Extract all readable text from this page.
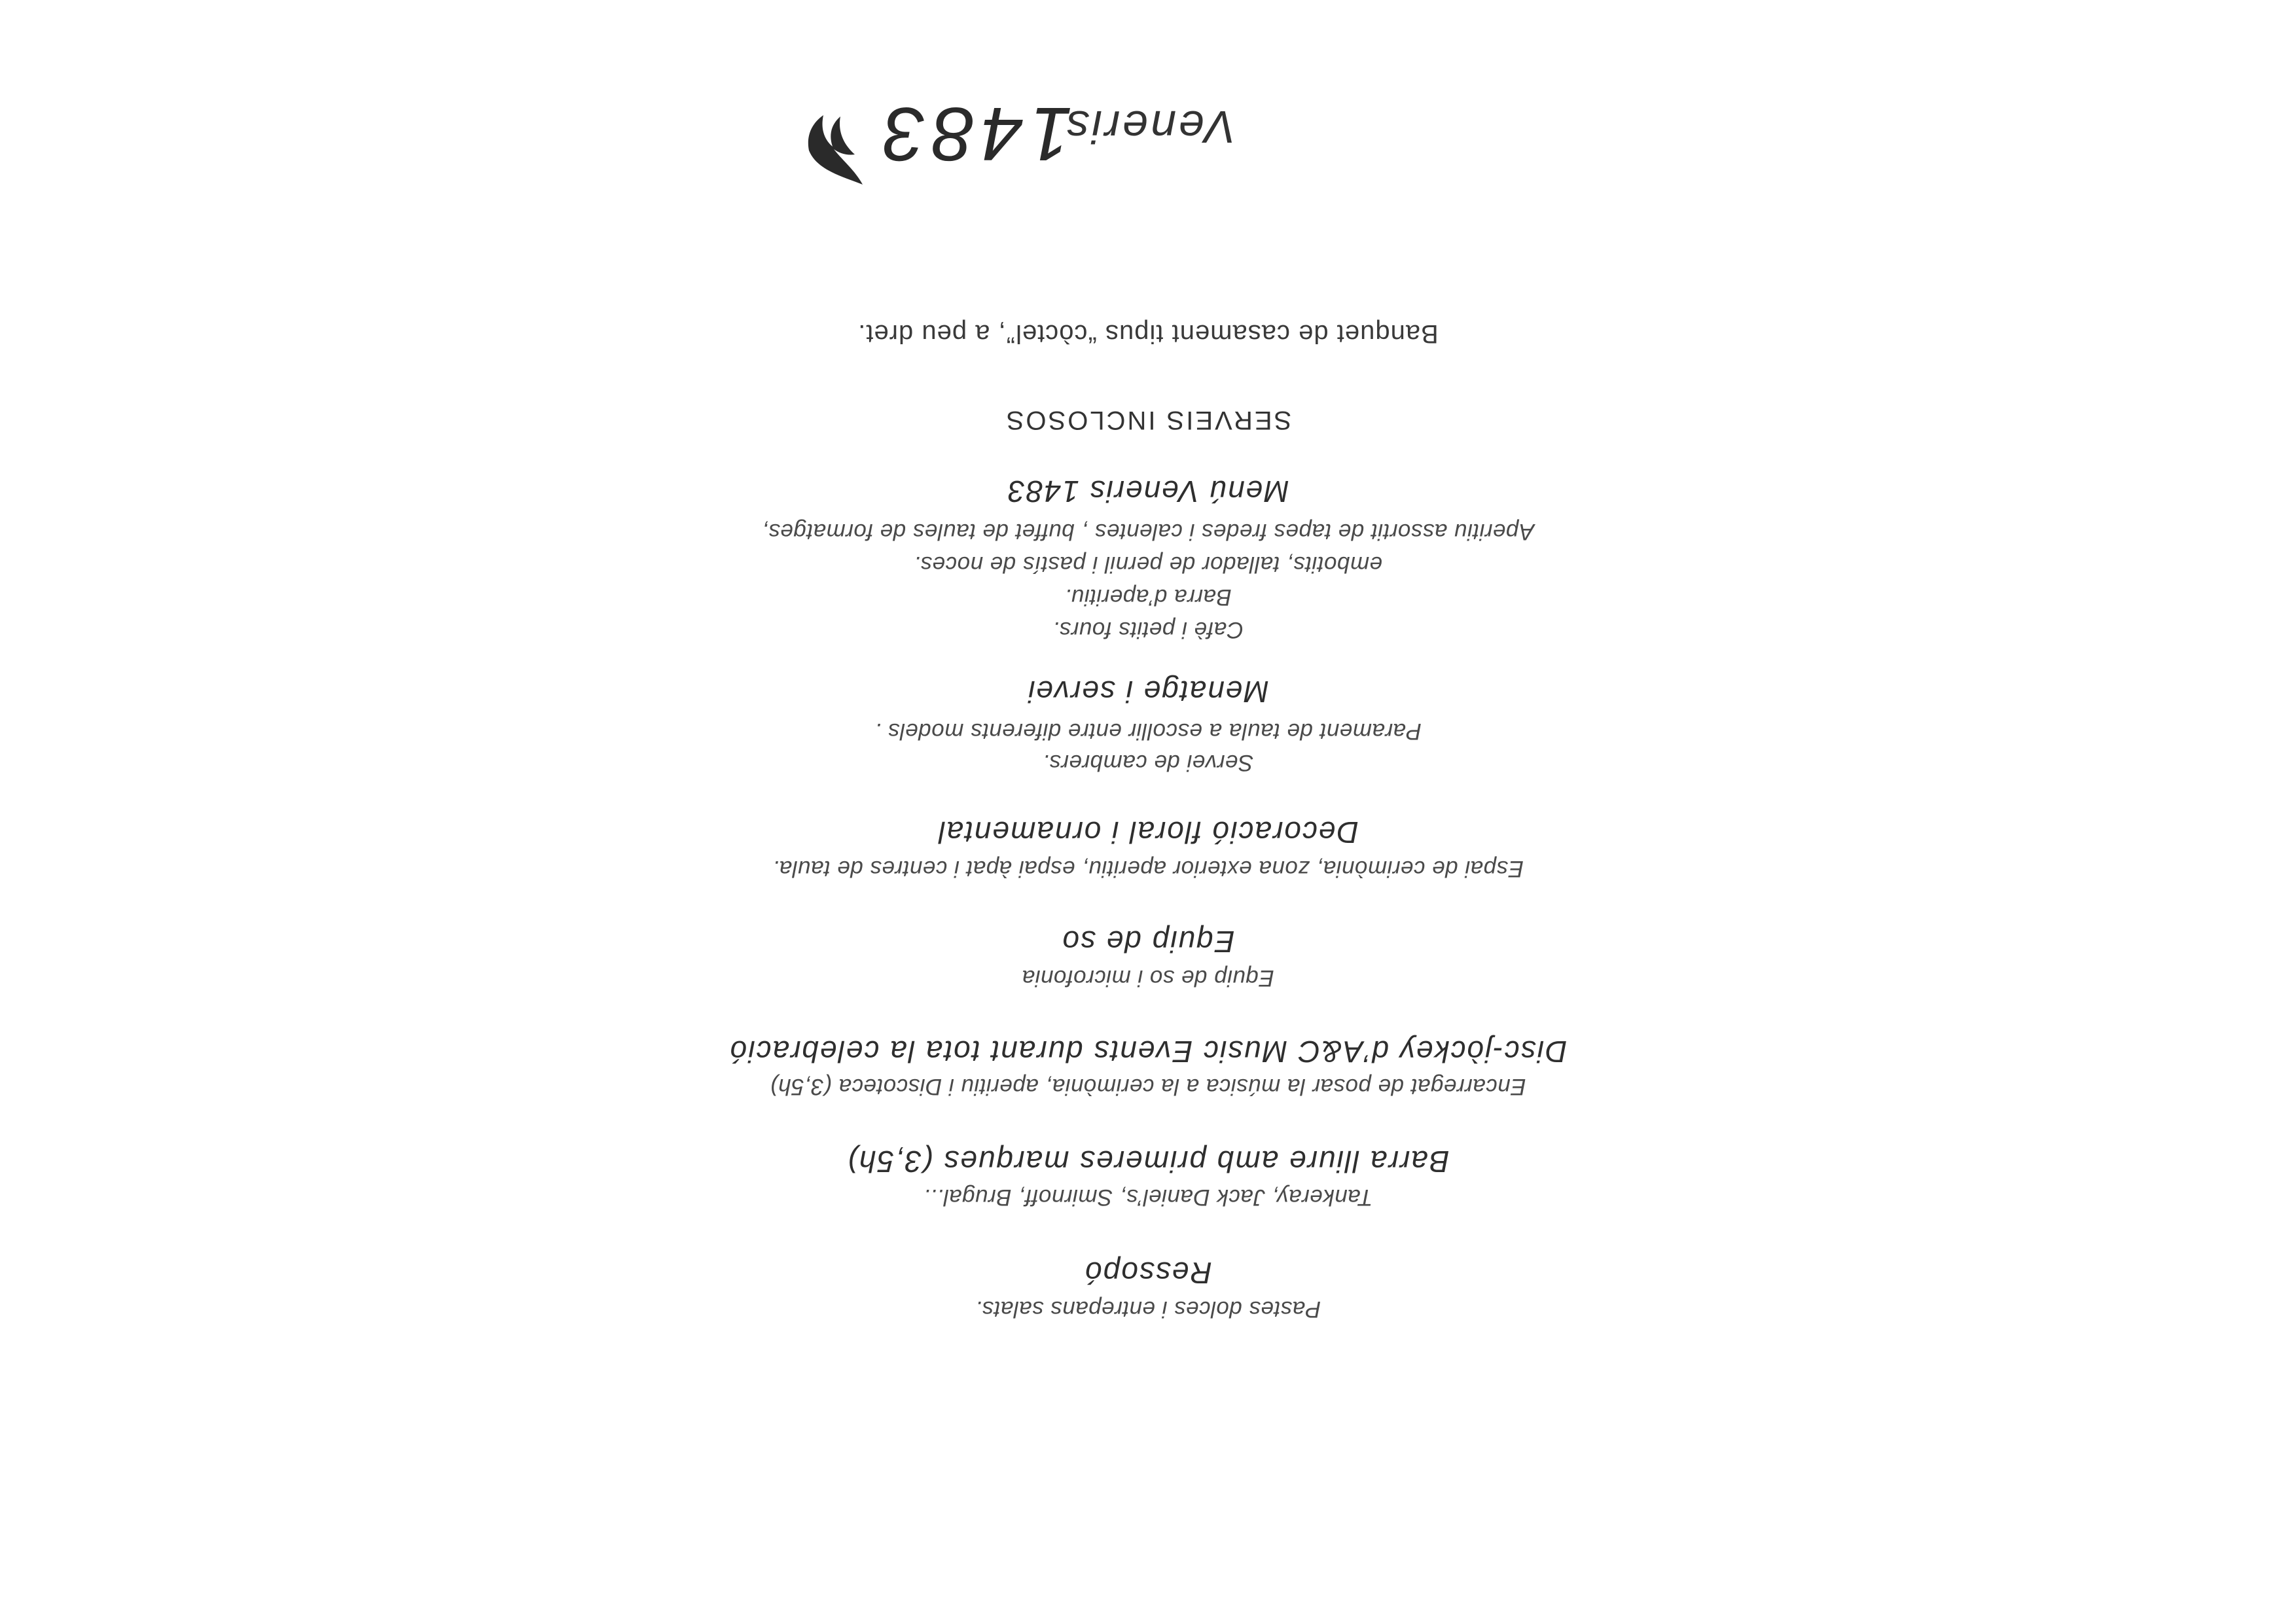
Veneris
1483
Banquet de casament tipus “còctel”, a peu dret.
SERVEIS INCLOSOS
Menú Veneris 1483
Aperitiu assortit de tapes fredes i calentes , buffet de taules de formatges,
embotits, tallador de pernil i pastís de noces.
Barra d’aperitiu.
Cafè i petits fours.
Menatge i servei
Parament de taula a escollir entre diferents models .
Servei de cambrers.
Decoració floral i ornamental
Espai de cerimònia, zona exterior aperitiu, espai àpat i centres de taula.
Equip de so
Equip de so i microfonia
Disc-jòckey d’A&C Music Events durant tota la celebració
Encarregat de posar la música a la cerimònia, aperitiu i Discoteca (3,5h)
Barra lliure amb primeres marques (3,5h)
Tankeray, Jack Daniel’s, Smirnoff, Brugal...
Ressopó
Pastes dolces i entrepans salats.
